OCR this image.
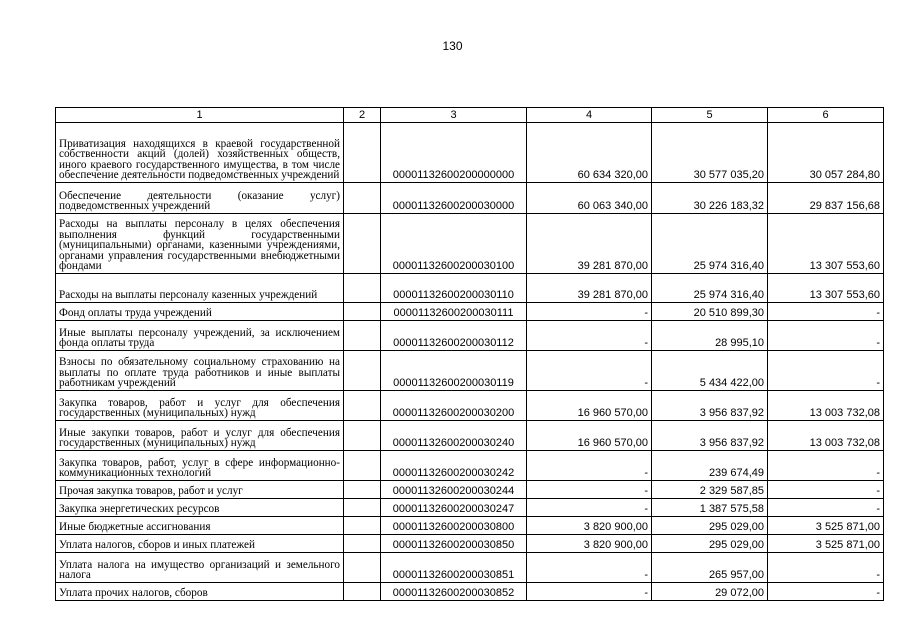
130
1	2	3	4	5	6
Приватизация находящихся в краевой государственной собственности акций (долей) хозяйственных обществ, иного краевого государственного имущества, в том числе обеспечение деятельности подведомственных учреждений		00001132600200000000	60 634 320,00	30 577 035,20	30 057 284,80
Обеспечение деятельности (оказание услуг) подведомственных учреждений		00001132600200030000	60 063 340,00	30 226 183,32	29 837 156,68
Расходы на выплаты персоналу в целях обеспечения выполнения функций государственными (муниципальными) органами, казенными учреждениями, органами управления государственными внебюджетными фондами		00001132600200030100	39 281 870,00	25 974 316,40	13 307 553,60
Расходы на выплаты персоналу казенных учреждений		00001132600200030110	39 281 870,00	25 974 316,40	13 307 553,60
Фонд оплаты труда учреждений		00001132600200030111	-	20 510 899,30	-
Иные выплаты персоналу учреждений, за исключением фонда оплаты труда		00001132600200030112	-	28 995,10	-
Взносы по обязательному социальному страхованию на выплаты по оплате труда работников и иные выплаты работникам учреждений		00001132600200030119	-	5 434 422,00	-
Закупка товаров, работ и услуг для обеспечения государственных (муниципальных) нужд		00001132600200030200	16 960 570,00	3 956 837,92	13 003 732,08
Иные закупки товаров, работ и услуг для обеспечения государственных (муниципальных) нужд		00001132600200030240	16 960 570,00	3 956 837,92	13 003 732,08
Закупка товаров, работ, услуг в сфере информационно-коммуникационных технологий		00001132600200030242	-	239 674,49	-
Прочая закупка товаров, работ и услуг		00001132600200030244	-	2 329 587,85	-
Закупка энергетических ресурсов		00001132600200030247	-	1 387 575,58	-
Иные бюджетные ассигнования		00001132600200030800	3 820 900,00	295 029,00	3 525 871,00
Уплата налогов, сборов и иных платежей		00001132600200030850	3 820 900,00	295 029,00	3 525 871,00
Уплата налога на имущество организаций и земельного налога		00001132600200030851	-	265 957,00	-
Уплата прочих налогов, сборов		00001132600200030852	-	29 072,00	-
